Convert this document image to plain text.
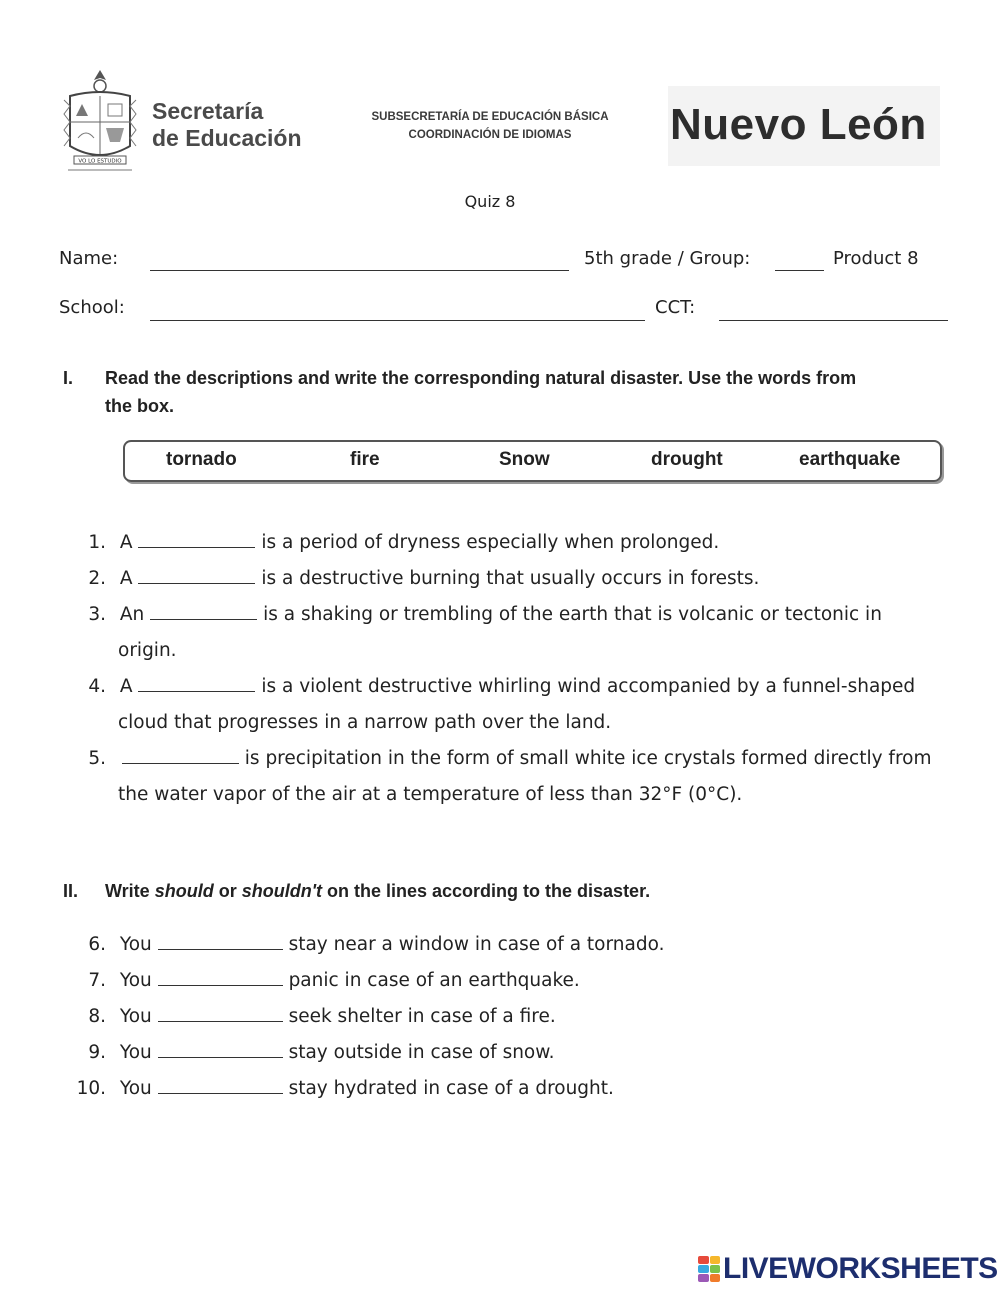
VO LO ESTUDIO
Secretaría
de Educación
SUBSECRETARÍA DE EDUCACIÓN BÁSICA
COORDINACIÓN DE IDIOMAS	Nuevo León
Quiz 8
Name:	5th grade / Group:	Product 8
School:	CCT:
I. Read the descriptions and write the corresponding natural disaster. Use the words from
the box.
tornado	fire	Snow	drought	earthquake
1. A	is a period of dryness especially when prolonged.
2. A	is a destructive burning that usually occurs in forests.
3. An	is a shaking or trembling of the earth that is volcanic or tectonic in
origin.
4. A	is a violent destructive whirling wind accompanied by a funnel-shaped
cloud that progresses in a narrow path over the land.
5.	is precipitation in the form of small white ice crystals formed directly from
the water vapor of the air at a temperature of less than 32°F (0°C).
II. Write should or shouldn't on the lines according to the disaster.
6. You	stay near a window in case of a tornado.
7. You	panic in case of an earthquake.
8. You	seek shelter in case of a fire.
9. You	stay outside in case of snow.
10. You	stay hydrated in case of a drought.
LIVEWORKSHEETS
